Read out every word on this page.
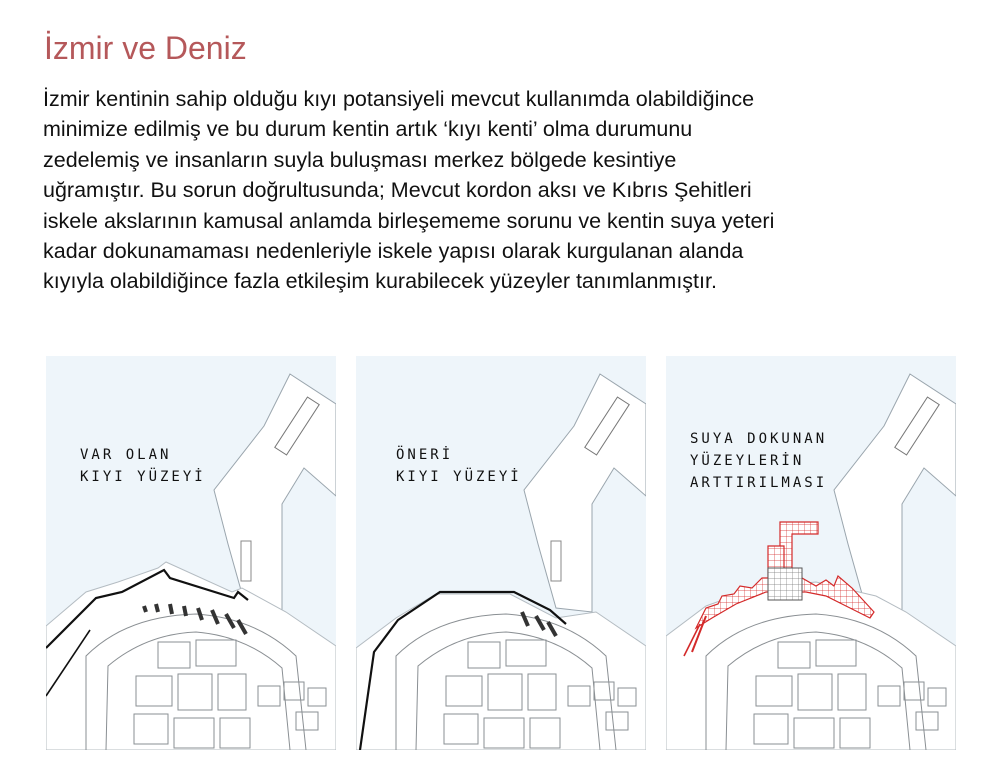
İzmir ve Deniz
İzmir kentinin sahip olduğu kıyı potansiyeli mevcut kullanımda olabildiğince
minimize edilmiş ve bu durum kentin artık ‘kıyı kenti’ olma durumunu
zedelemiş ve insanların suyla buluşması merkez bölgede kesintiye
uğramıştır. Bu sorun doğrultusunda; Mevcut kordon aksı ve Kıbrıs Şehitleri
iskele akslarının kamusal anlamda birleşememe sorunu ve kentin suya yeteri
kadar dokunamaması nedenleriyle iskele yapısı olarak kurgulanan alanda
kıyıyla olabildiğince fazla etkileşim kurabilecek yüzeyler tanımlanmıştır.
VAR OLAN
KIYI YÜZEYİ
ÖNERİ
KIYI YÜZEYİ
SUYA DOKUNAN
YÜZEYLERİN
ARTTIRILMASI
